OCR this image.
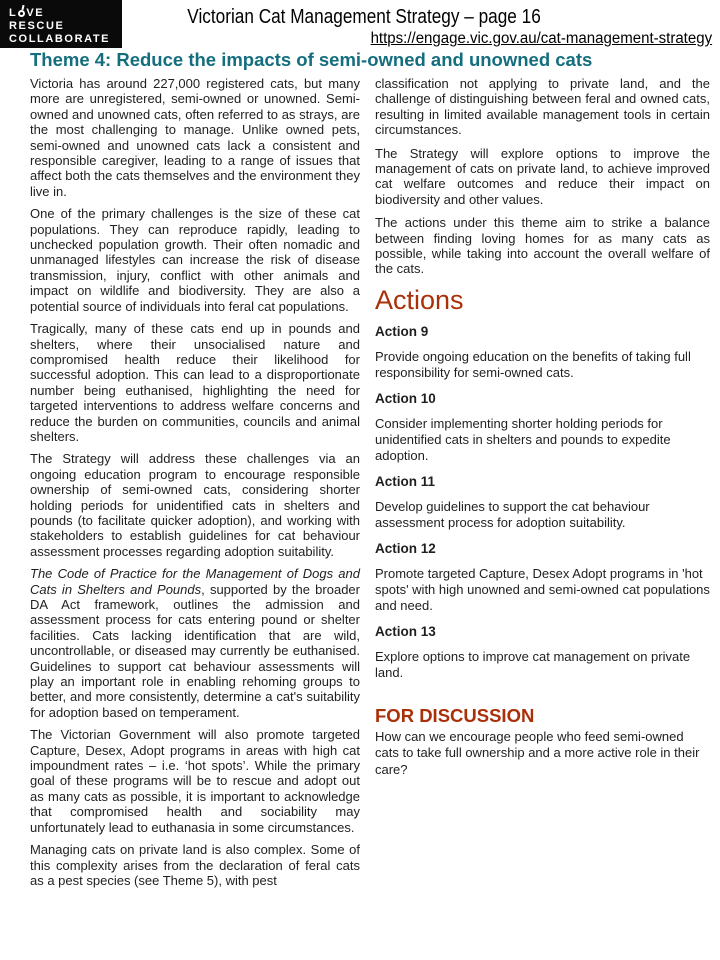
L VE
RESCUE
COLLABORATE
Victorian Cat Management Strategy – page 16
https://engage.vic.gov.au/cat-management-strategy
Theme 4: Reduce the impacts of semi-owned and unowned cats

Victoria has around 227,000 registered cats, but many more are unregistered, semi-owned or unowned. Semi-owned and unowned cats, often referred to as strays, are the most challenging to manage. Unlike owned pets, semi-owned and unowned cats lack a consistent and responsible caregiver, leading to a range of issues that affect both the cats themselves and the environment they live in.

One of the primary challenges is the size of these cat populations. They can reproduce rapidly, leading to unchecked population growth. Their often nomadic and unmanaged lifestyles can increase the risk of disease transmission, injury, conflict with other animals and impact on wildlife and biodiversity. They are also a potential source of individuals into feral cat populations.

Tragically, many of these cats end up in pounds and shelters, where their unsocialised nature and compromised health reduce their likelihood for successful adoption. This can lead to a disproportionate number being euthanised, highlighting the need for targeted interventions to address welfare concerns and reduce the burden on communities, councils and animal shelters.

The Strategy will address these challenges via an ongoing education program to encourage responsible ownership of semi-owned cats, considering shorter holding periods for unidentified cats in shelters and pounds (to facilitate quicker adoption), and working with stakeholders to establish guidelines for cat behaviour assessment processes regarding adoption suitability.

The Code of Practice for the Management of Dogs and Cats in Shelters and Pounds, supported by the broader DA Act framework, outlines the admission and assessment process for cats entering pound or shelter facilities. Cats lacking identification that are wild, uncontrollable, or diseased may currently be euthanised. Guidelines to support cat behaviour assessments will play an important role in enabling rehoming groups to better, and more consistently, determine a cat's suitability for adoption based on temperament.

The Victorian Government will also promote targeted Capture, Desex, Adopt programs in areas with high cat impoundment rates – i.e. ‘hot spots’. While the primary goal of these programs will be to rescue and adopt out as many cats as possible, it is important to acknowledge that compromised health and sociability may unfortunately lead to euthanasia in some circumstances.

Managing cats on private land is also complex. Some of this complexity arises from the declaration of feral cats as a pest species (see Theme 5), with pest

classification not applying to private land, and the challenge of distinguishing between feral and owned cats, resulting in limited available management tools in certain circumstances.

The Strategy will explore options to improve the management of cats on private land, to achieve improved cat welfare outcomes and reduce their impact on biodiversity and other values.

The actions under this theme aim to strike a balance between finding loving homes for as many cats as possible, while taking into account the overall welfare of the cats.

Actions
Action 9

Provide ongoing education on the benefits of taking full responsibility for semi-owned cats.

Action 10

Consider implementing shorter holding periods for unidentified cats in shelters and pounds to expedite adoption.

Action 11

Develop guidelines to support the cat behaviour assessment process for adoption suitability.

Action 12

Promote targeted Capture, Desex Adopt programs in 'hot spots' with high unowned and semi-owned cat populations and need.

Action 13

Explore options to improve cat management on private land.

FOR DISCUSSION

How can we encourage people who feed semi-owned cats to take full ownership and a more active role in their care?
